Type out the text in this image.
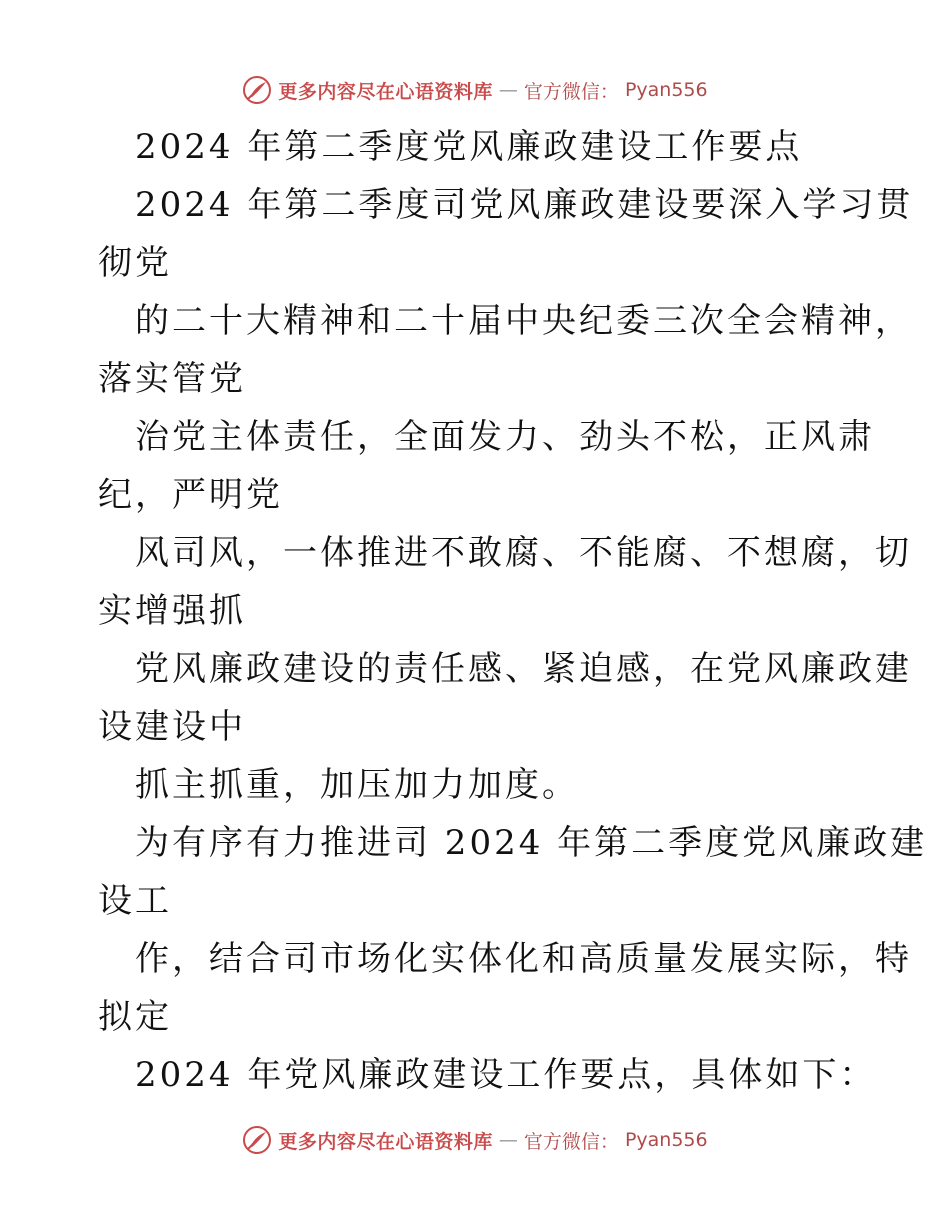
更多内容尽在心语资料库 — 官方微信： Pyan556
2024 年第二季度党风廉政建设工作要点
2024 年第二季度司党风廉政建设要深入学习贯
彻党
的二十大精神和二十届中央纪委三次全会精神，
落实管党
治党主体责任，全面发力、劲头不松，正风肃
纪，严明党
风司风，一体推进不敢腐、不能腐、不想腐，切
实增强抓
党风廉政建设的责任感、紧迫感，在党风廉政建
设建设中
抓主抓重，加压加力加度。
为有序有力推进司 2024 年第二季度党风廉政建
设工
作，结合司市场化实体化和高质量发展实际，特
拟定
2024 年党风廉政建设工作要点，具体如下：
更多内容尽在心语资料库 — 官方微信： Pyan556
